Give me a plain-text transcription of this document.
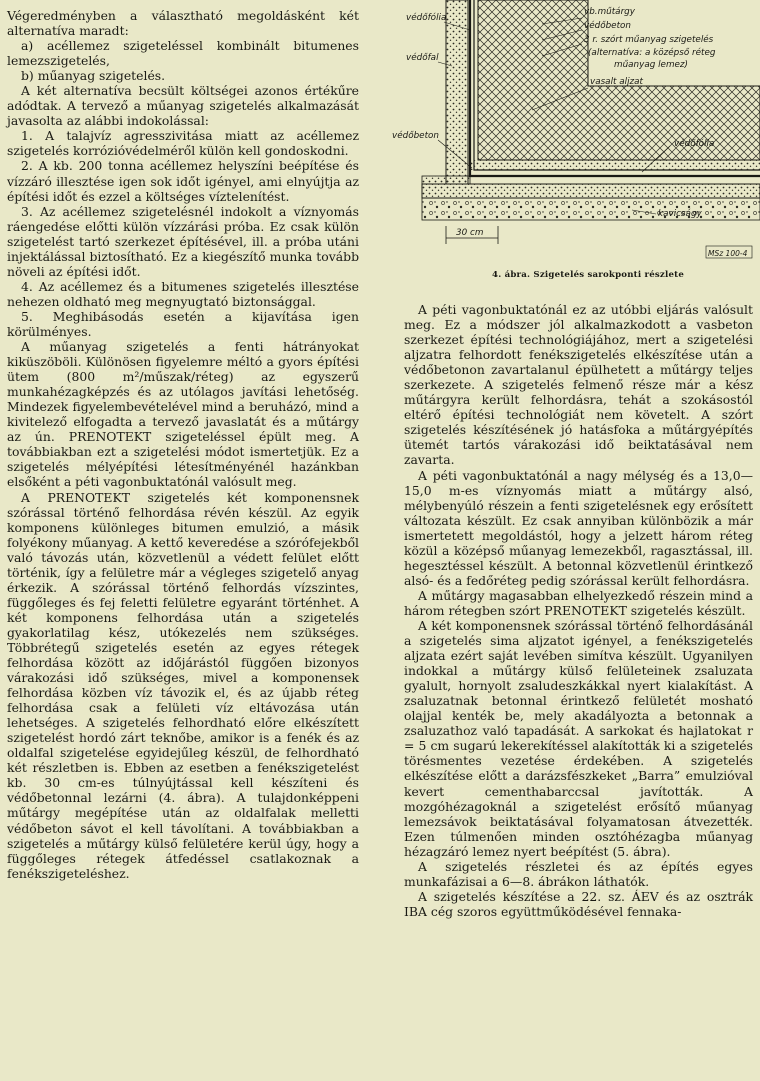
Végeredményben a választható megoldásként két alternatíva maradt:

a) acéllemez szigeteléssel kombinált bitumenes lemezszigetelés,

b) műanyag szigetelés.

A két alternatíva becsült költségei azonos értékűre adódtak. A tervező a műanyag szigetelés alkalmazását javasolta az alábbi indokolással:

1. A talajvíz agresszivitása miatt az acéllemez szigetelés korrózióvédelméről külön kell gondoskodni.

2. A kb. 200 tonna acéllemez helyszíni beépítése és vízzáró illesztése igen sok időt igényel, ami elnyújtja az építési időt és ezzel a költséges víztelenítést.

3. Az acéllemez szigetelésnél indokolt a víznyomás ráengedése előtti külön vízzárási próba. Ez csak külön szigetelést tartó szerkezet építésével, ill. a próba utáni injektálással biztosítható. Ez a kiegészítő munka tovább növeli az építési időt.

4. Az acéllemez és a bitumenes szigetelés illesztése nehezen oldható meg megnyugtató biztonsággal.

5. Meghibásodás esetén a kijavítása igen körülményes.

A műanyag szigetelés a fenti hátrányokat kiküszöböli. Különösen figyelemre méltó a gyors építési ütem (800 m²/műszak/réteg) az egyszerű munkahézagképzés és az utólagos javítási lehetőség. Mindezek figyelembevételével mind a beruházó, mind a kivitelező elfogadta a tervező javaslatát és a műtárgy az ún. PRENOTEKT szigeteléssel épült meg. A továbbiakban ezt a szigetelési módot ismertetjük. Ez a szigetelés mélyépítési létesítményénél hazánkban elsőként a péti vagonbuktatónál valósult meg.

A PRENOTEKT szigetelés két komponensnek szórással történő felhordása révén készül. Az egyik komponens különleges bitumen emulzió, a másik folyékony műanyag. A kettő keveredése a szórófejekből való távozás után, közvetlenül a védett felület előtt történik, így a felületre már a végleges szigetelő anyag érkezik. A szórással történő felhordás vízszintes, függőleges és fej feletti felületre egyaránt történhet. A két komponens felhordása után a szigetelés gyakorlatilag kész, utókezelés nem szükséges. Többrétegű szigetelés esetén az egyes rétegek felhordása között az időjárástól függően bizonyos várakozási idő szükséges, mivel a komponensek felhordása közben víz távozik el, és az újabb réteg felhordása csak a felületi víz eltávozása után lehetséges. A szigetelés felhordható előre elkészített szigetelést hordó zárt teknőbe, amikor is a fenék és az oldalfal szigetelése egyidejűleg készül, de felhordható két részletben is. Ebben az esetben a fenékszigetelést kb. 30 cm-es túlnyújtással kell készíteni és védőbetonnal lezárni (4. ábra). A tulajdonképpeni műtárgy megépítése után az oldalfalak melletti védőbeton sávot el kell távolítani. A továbbiakban a szigetelés a műtárgy külső felületére kerül úgy, hogy a függőleges rétegek átfedéssel csatlakoznak a fenékszigeteléshez.

30 cm
védőfólia
védőfal
vb.műtárgy
védőbeton
3 r. szórt műanyag szigetelés
(alternatíva: a középső réteg
műanyag lemez)
vasalt aljzat
védőbeton
védőfólia
kavicságy
MSz 100-4
4. ábra. Szigetelés sarokponti részlete

A péti vagonbuktatónál ez az utóbbi eljárás valósult meg. Ez a módszer jól alkalmazkodott a vasbeton szerkezet építési technológiájához, mert a szigetelési aljzatra felhordott fenékszigetelés elkészítése után a védőbetonon zavartalanul épülhetett a műtárgy teljes szerkezete. A szigetelés felmenő része már a kész műtárgyra került felhordásra, tehát a szokásostól eltérő építési technológiát nem követelt. A szórt szigetelés készítésének jó hatásfoka a műtárgyépítés ütemét tartós várakozási idő beiktatásával nem zavarta.

A péti vagonbuktatónál a nagy mélység és a 13,0—15,0 m-es víznyomás miatt a műtárgy alsó, mélybenyúló részein a fenti szigetelésnek egy erősített változata készült. Ez csak annyiban különbözik a már ismertetett megoldástól, hogy a jelzett három réteg közül a középső műanyag lemezekből, ragasztással, ill. hegesztéssel készült. A betonnal közvetlenül érintkező alsó- és a fedőréteg pedig szórással került felhordásra.

A műtárgy magasabban elhelyezkedő részein mind a három rétegben szórt PRENOTEKT szigetelés készült.

A két komponensnek szórással történő felhordásánál a szigetelés sima aljzatot igényel, a fenékszigetelés aljzata ezért saját levében simítva készült. Ugyanilyen indokkal a műtárgy külső felületeinek zsaluzata gyalult, hornyolt zsaludeszkákkal nyert kialakítást. A zsaluzatnak betonnal érintkező felületét mosható olajjal kenték be, mely akadályozta a betonnak a zsaluzathoz való tapadását. A sarkokat és hajlatokat r = 5 cm sugarú lekerekítéssel alakították ki a szigetelés törésmentes vezetése érdekében. A szigetelés elkészítése előtt a darázsfészkeket „Barra” emulzióval kevert cementhabarccsal javították. A mozgóhézagoknál a szigetelést erősítő műanyag lemezsávok beiktatásával folyamatosan átvezették. Ezen túlmenően minden osztóhézagba műanyag hézagzáró lemez nyert beépítést (5. ábra).

A szigetelés részletei és az építés egyes munkafázisai a 6—8. ábrákon láthatók.

A szigetelés készítése a 22. sz. ÁEV és az osztrák IBA cég szoros együttműködésével fennaka-
